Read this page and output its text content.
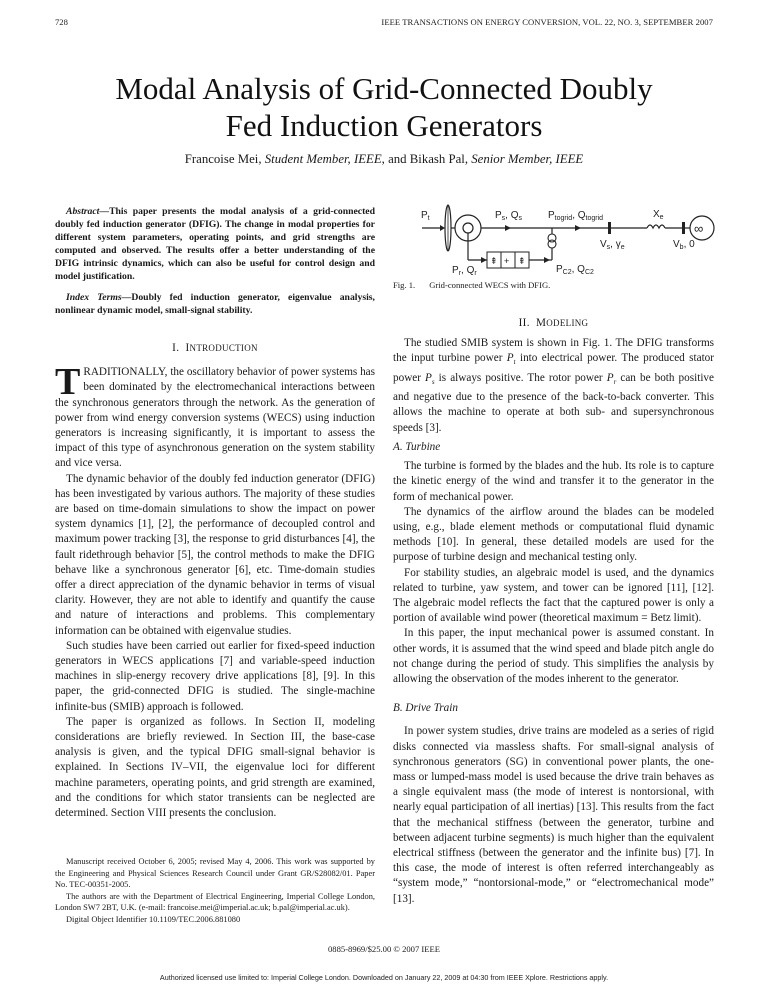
728	IEEE TRANSACTIONS ON ENERGY CONVERSION, VOL. 22, NO. 3, SEPTEMBER 2007
Modal Analysis of Grid-Connected Doubly
Fed Induction Generators
Francoise Mei, Student Member, IEEE, and Bikash Pal, Senior Member, IEEE

Abstract—This paper presents the modal analysis of a grid-connected doubly fed induction generator (DFIG). The change in modal properties for different system parameters, operating points, and grid strengths are computed and observed. The results offer a better understanding of the DFIG intrinsic dynamics, which can also be useful for control design and model justification.

Index Terms—Doubly fed induction generator, eigenvalue analysis, nonlinear dynamic model, small-signal stability.

⇞ + ⇞
∞
$P_t$	$P_s$, $Q_s$	$P_{togrid}$, $Q_{togrid}$	$X_e$
$V_s$, $\gamma_e$	$V_b$, 0
$P_r$, $Q_r$	$P_{C2}$, $Q_{C2}$
Fig. 1. Grid-connected WECS with DFIG.
I. INTRODUCTION

TRADITIONALLY, the oscillatory behavior of power systems has been dominated by the electromechanical interactions between the synchronous generators through the network. As the generation of power from wind energy conversion systems (WECS) using induction generators is increasing significantly, it is important to assess the impact of this type of asynchronous generation on the system stability and vice versa.

The dynamic behavior of the doubly fed induction generator (DFIG) has been investigated by various authors. The majority of these studies are based on time-domain simulations to show the impact on power system dynamics [1], [2], the performance of decoupled control and maximum power tracking [3], the response to grid disturbances [4], the fault ridethrough behavior [5], the control methods to make the DFIG behave like a synchronous generator [6], etc. Time-domain studies offer a direct appreciation of the dynamic behavior in terms of visual clarity. However, they are not able to identify and quantify the cause and nature of interactions and problems. This complementary information can be obtained with eigenvalue studies.

Such studies have been carried out earlier for fixed-speed induction generators in WECS applications [7] and variable-speed induction machines in slip-energy recovery drive applications [8], [9]. In this paper, the grid-connected DFIG is studied. The single-machine infinite-bus (SMIB) approach is followed.

The paper is organized as follows. In Section II, modeling considerations are briefly reviewed. In Section III, the base-case analysis is given, and the typical DFIG small-signal behavior is explained. In Sections IV–VII, the eigenvalue loci for different machine parameters, operating points, and grid strength are examined, and the conditions for which stator transients can be neglected are determined. Section VIII presents the conclusion.

Manuscript received October 6, 2005; revised May 4, 2006. This work was supported by the Engineering and Physical Sciences Research Council under Grant GR/S28082/01. Paper No. TEC-00351-2005.

The authors are with the Department of Electrical Engineering, Imperial College London, London SW7 2BT, U.K. (e-mail: francoise.mei@imperial.ac.uk; b.pal@imperial.ac.uk).

Digital Object Identifier 10.1109/TEC.2006.881080

II. MODELING

The studied SMIB system is shown in Fig. 1. The DFIG transforms the input turbine power $P_t$ into electrical power. The produced stator power $P_s$ is always positive. The rotor power $P_r$ can be both positive and negative due to the presence of the back-to-back converter. This allows the machine to operate at both sub- and supersynchronous speeds [3].

A. Turbine

The turbine is formed by the blades and the hub. Its role is to capture the kinetic energy of the wind and transfer it to the generator in the form of mechanical power.

The dynamics of the airflow around the blades can be modeled using, e.g., blade element methods or computational fluid dynamic methods [10]. In general, these detailed models are used for the purpose of turbine design and mechanical testing only.

For stability studies, an algebraic model is used, and the dynamics related to turbine, yaw system, and tower can be ignored [11], [12]. The algebraic model reflects the fact that the captured power is only a portion of available wind power (theoretical maximum = Betz limit).

In this paper, the input mechanical power is assumed constant. In other words, it is assumed that the wind speed and blade pitch angle do not change during the period of study. This simplifies the analysis by allowing the observation of the modes inherent to the generator.

B. Drive Train

In power system studies, drive trains are modeled as a series of rigid disks connected via massless shafts. For small-signal analysis of synchronous generators (SG) in conventional power plants, the one-mass or lumped-mass model is used because the drive train behaves as a single equivalent mass (the mode of interest is nontorsional, with nearly equal participation of all inertias) [13]. This results from the fact that the mechanical stiffness (between the generator, turbine and between adjacent turbine segments) is much higher than the equivalent electrical stiffness (between the generator and the infinite bus) [7]. In this case, the mode of interest is often referred interchangeably as “system mode,” “nontorsional-mode,” or “electromechanical mode” [13].

0885-8969/$25.00 © 2007 IEEE
Authorized licensed use limited to: Imperial College London. Downloaded on January 22, 2009 at 04:30 from IEEE Xplore. Restrictions apply.
